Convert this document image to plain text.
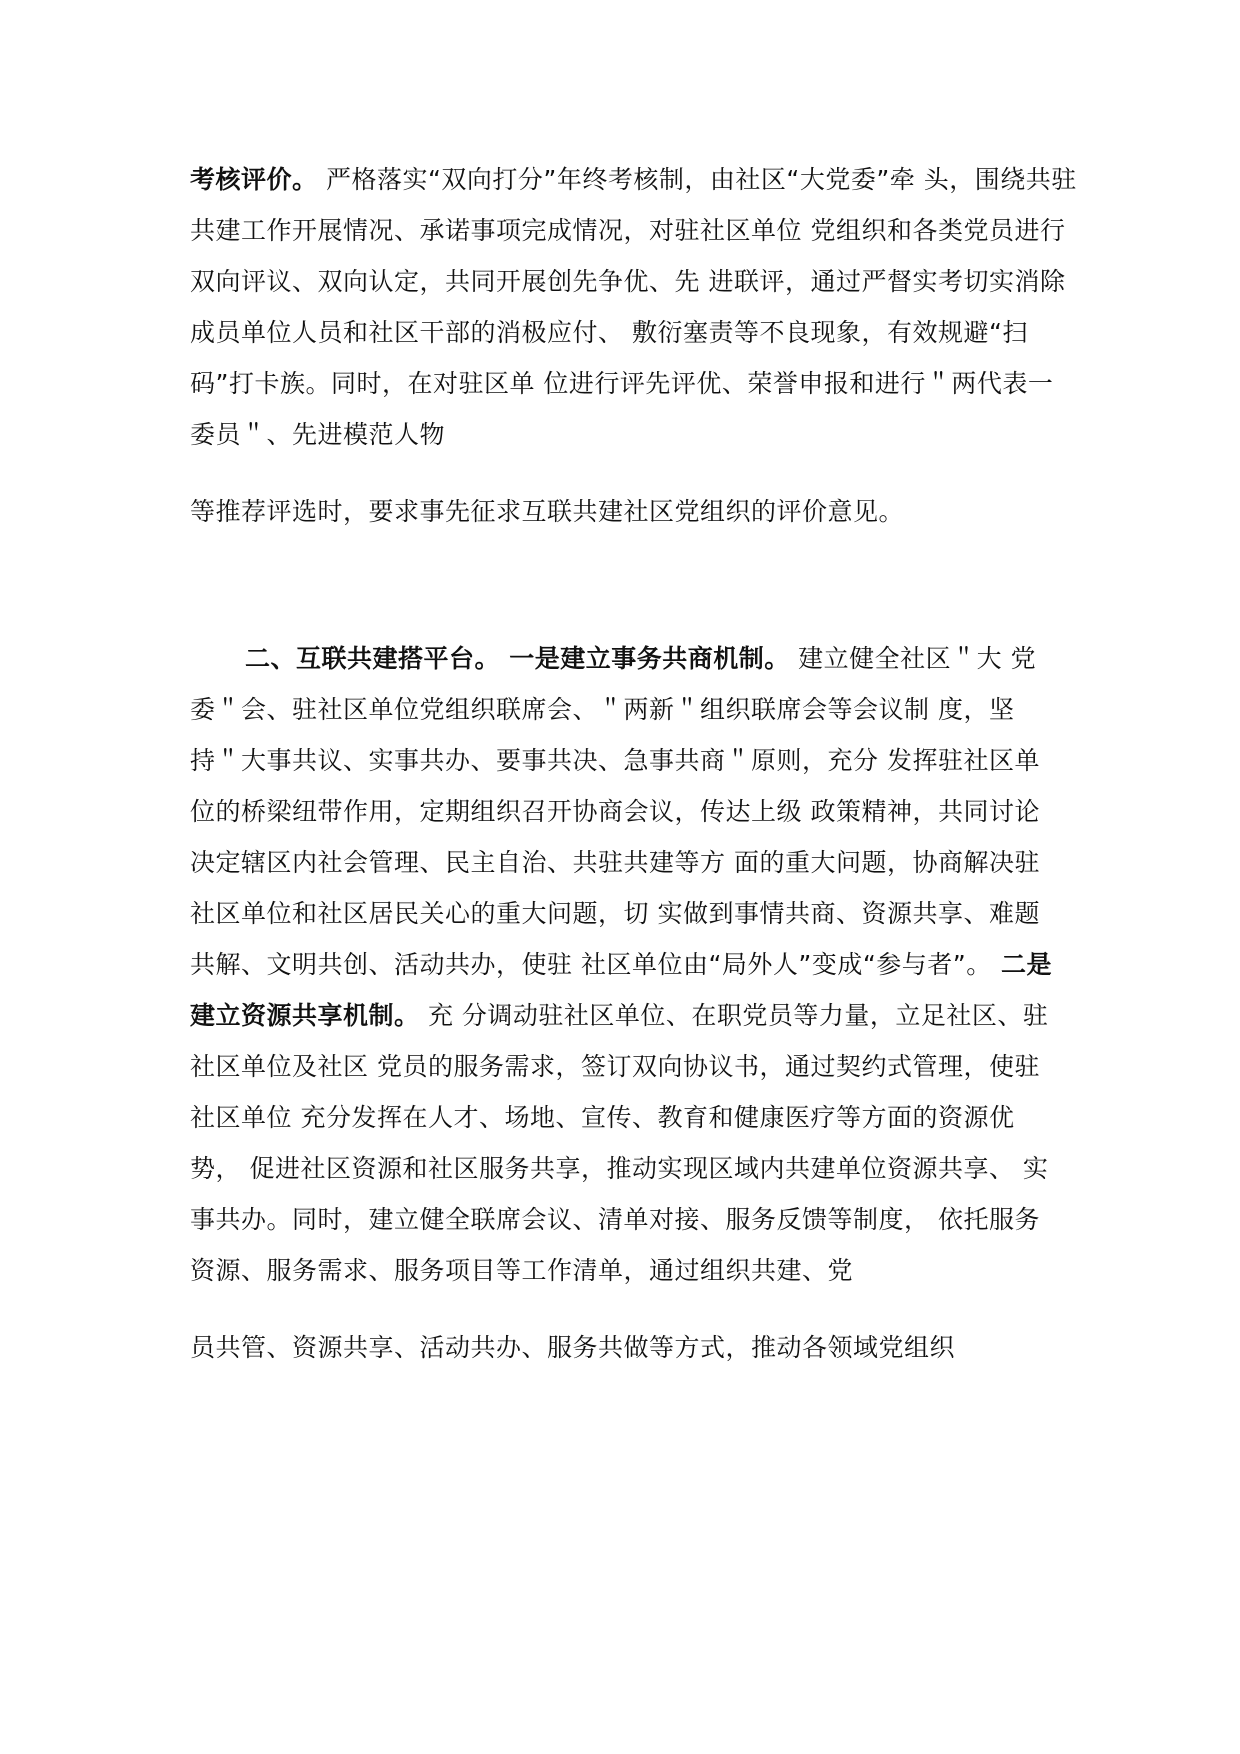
考核评价。 严格落实“双向打分”年终考核制，由社区“大党委”牵 头，围绕共驻
共建工作开展情况、承诺事项完成情况，对驻社区单位 党组织和各类党员进行
双向评议、双向认定，共同开展创先争优、先 进联评，通过严督实考切实消除
成员单位人员和社区干部的消极应付、 敷衍塞责等不良现象，有效规避“扫
码”打卡族。同时，在对驻区单 位进行评先评优、荣誉申报和进行＂两代表一
委员＂、先进模范人物
等推荐评选时，要求事先征求互联共建社区党组织的评价意见。
二、互联共建搭平台。 一是建立事务共商机制。 建立健全社区＂大 党
委＂会、驻社区单位党组织联席会、＂两新＂组织联席会等会议制 度，坚
持＂大事共议、实事共办、要事共决、急事共商＂原则，充分 发挥驻社区单
位的桥梁纽带作用，定期组织召开协商会议，传达上级 政策精神，共同讨论
决定辖区内社会管理、民主自治、共驻共建等方 面的重大问题，协商解决驻
社区单位和社区居民关心的重大问题，切 实做到事情共商、资源共享、难题
共解、文明共创、活动共办，使驻 社区单位由“局外人”变成“参与者”。 二是
建立资源共享机制。 充 分调动驻社区单位、在职党员等力量，立足社区、驻
社区单位及社区 党员的服务需求，签订双向协议书，通过契约式管理，使驻
社区单位 充分发挥在人才、场地、宣传、教育和健康医疗等方面的资源优
势， 促进社区资源和社区服务共享，推动实现区域内共建单位资源共享、 实
事共办。同时，建立健全联席会议、清单对接、服务反馈等制度， 依托服务
资源、服务需求、服务项目等工作清单，通过组织共建、党
员共管、资源共享、活动共办、服务共做等方式，推动各领域党组织
